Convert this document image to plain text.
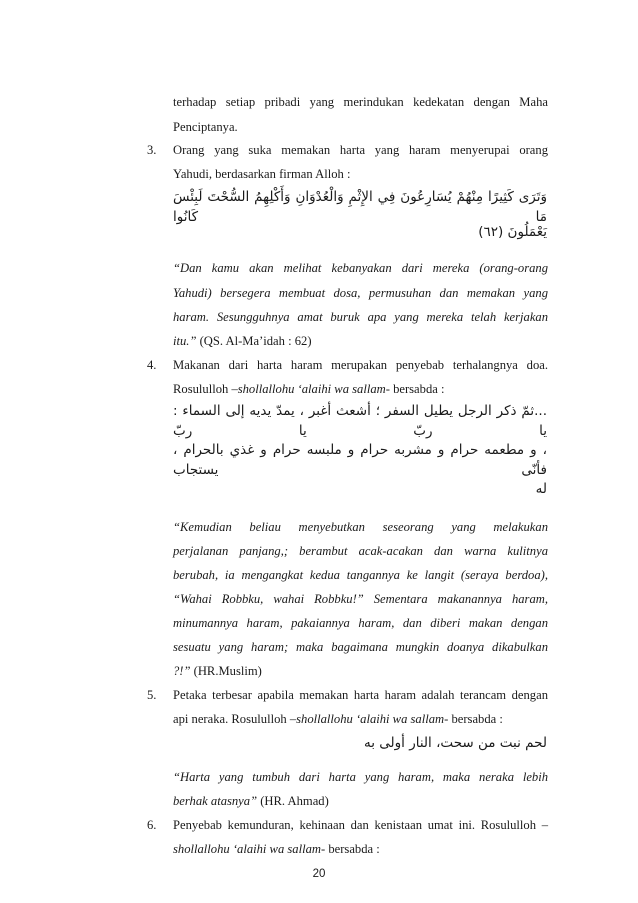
terhadap setiap pribadi yang merindukan kedekatan dengan Maha
Penciptanya.
3. Orang yang suka memakan harta yang haram menyerupai orang
Yahudi, berdasarkan firman Alloh :
وَتَرَى كَثِيرًا مِنْهُمْ يُسَارِعُونَ فِي الإِثْمِ وَالْعُدْوَانِ وَأَكْلِهِمُ السُّحْتَ لَبِئْسَ مَا كَانُوا
يَعْمَلُونَ (٦٢)
“Dan kamu akan melihat kebanyakan dari mereka (orang-orang
Yahudi) bersegera membuat dosa, permusuhan dan memakan yang
haram. Sesungguhnya amat buruk apa yang mereka telah kerjakan
itu.” (QS. Al-Ma’idah : 62)
4. Makanan dari harta haram merupakan penyebab terhalangnya doa.
Rosululloh –shollallohu ‘alaihi wa sallam- bersabda :
...ثمّ ذكر الرجل يطيل السفر ؛ أشعث أغبر ، يمدّ يديه إلى السماء : يا ربّ يا ربّ
، و مطعمه حرام و مشربه حرام و ملبسه حرام و غذي بالحرام ، فأنّى يستجاب
له
“Kemudian beliau menyebutkan seseorang yang melakukan
perjalanan panjang,; berambut acak-acakan dan warna kulitnya
berubah, ia mengangkat kedua tangannya ke langit (seraya berdoa),
“Wahai Robbku, wahai Robbku!” Sementara makanannya haram,
minumannya haram, pakaiannya haram, dan diberi makan dengan
sesuatu yang haram; maka bagaimana mungkin doanya dikabulkan
?!” (HR.Muslim)
5. Petaka terbesar apabila memakan harta haram adalah terancam dengan
api neraka. Rosululloh –shollallohu ‘alaihi wa sallam- bersabda :
لحم نبت من سحت، النار أولى به
“Harta yang tumbuh dari harta yang haram, maka neraka lebih
berhak atasnya” (HR. Ahmad)
6. Penyebab kemunduran, kehinaan dan kenistaan umat ini. Rosululloh –
shollallohu ‘alaihi wa sallam- bersabda :
20
